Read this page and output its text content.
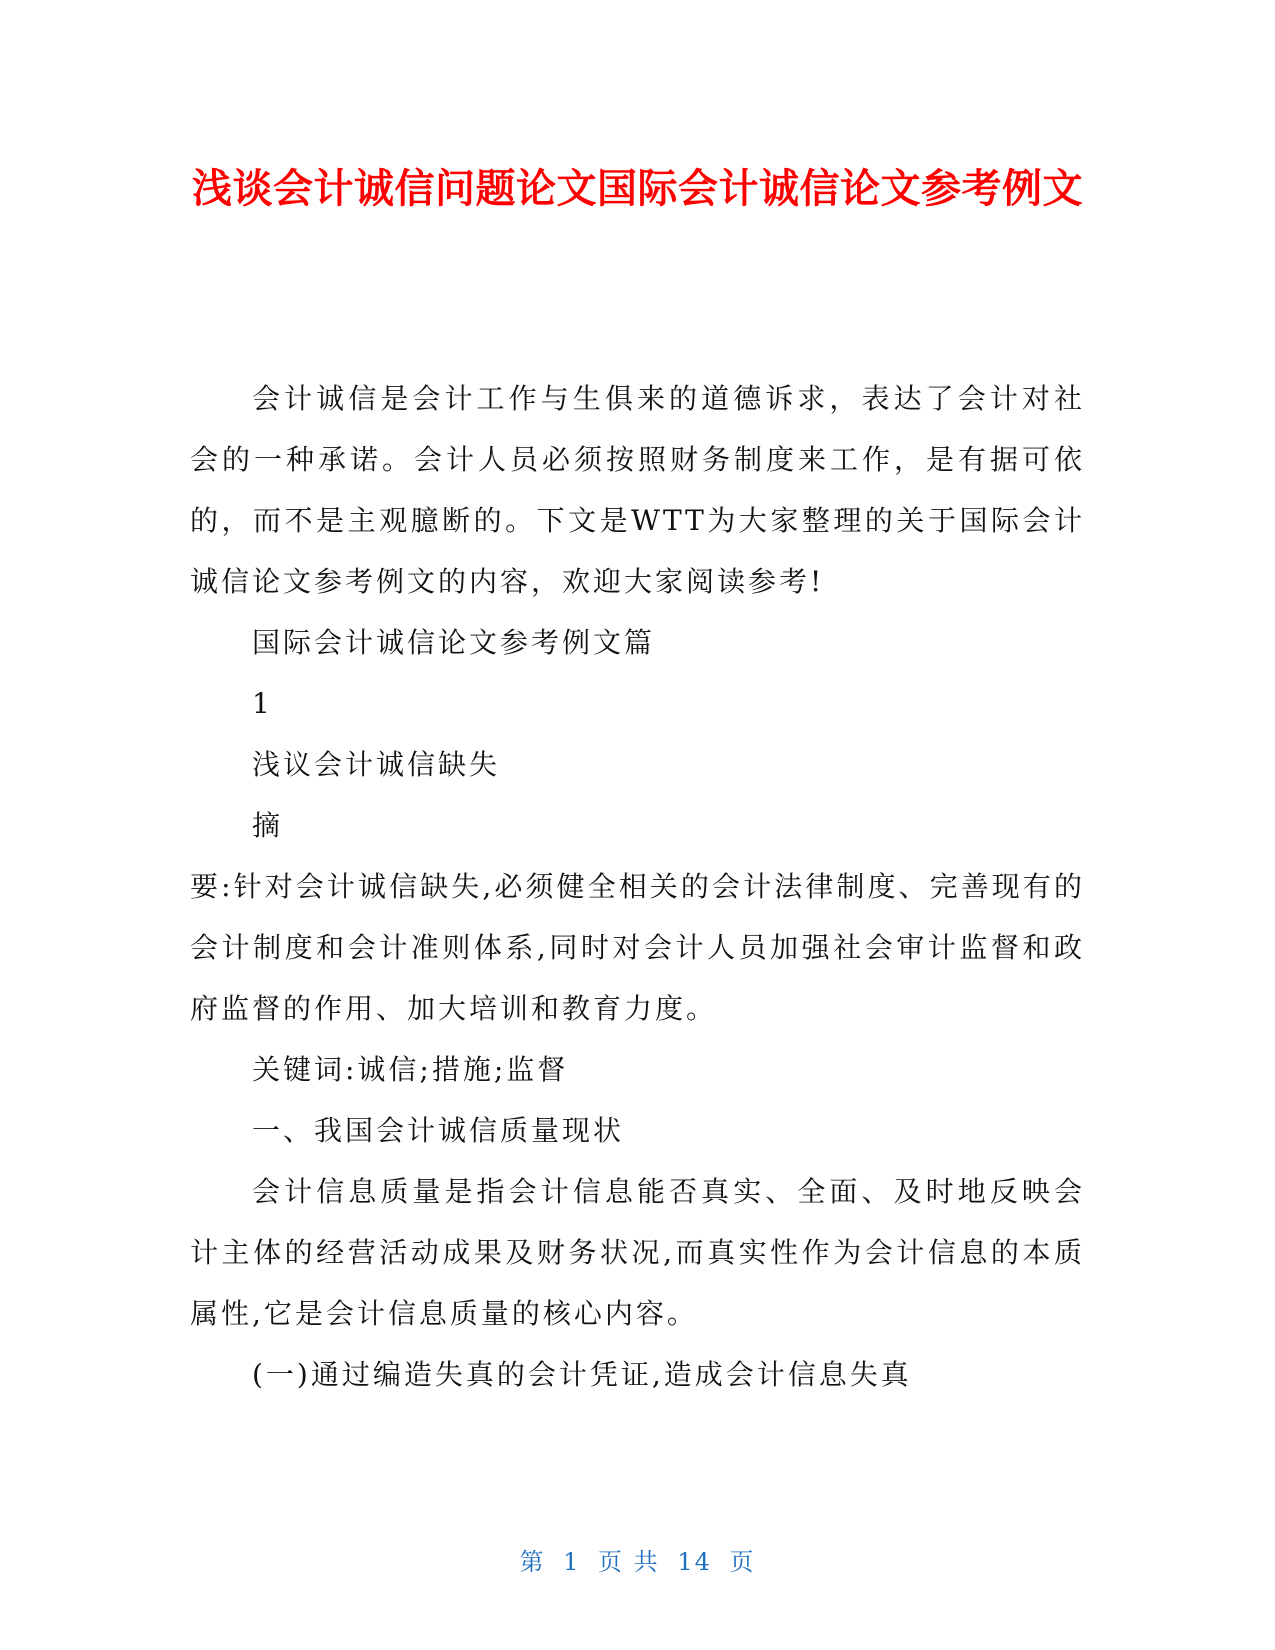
浅谈会计诚信问题论文国际会计诚信论文参考例文

会计诚信是会计工作与生俱来的道德诉求，表达了会计对社会的一种承诺。会计人员必须按照财务制度来工作，是有据可依的，而不是主观臆断的。下文是WTT为大家整理的关于国际会计诚信论文参考例文的内容，欢迎大家阅读参考!

国际会计诚信论文参考例文篇

1

浅议会计诚信缺失

摘

要:针对会计诚信缺失,必须健全相关的会计法律制度、完善现有的会计制度和会计准则体系,同时对会计人员加强社会审计监督和政府监督的作用、加大培训和教育力度。

关键词:诚信;措施;监督

一、我国会计诚信质量现状

会计信息质量是指会计信息能否真实、全面、及时地反映会计主体的经营活动成果及财务状况,而真实性作为会计信息的本质属性,它是会计信息质量的核心内容。

(一)通过编造失真的会计凭证,造成会计信息失真

第 1 页 共 14 页
